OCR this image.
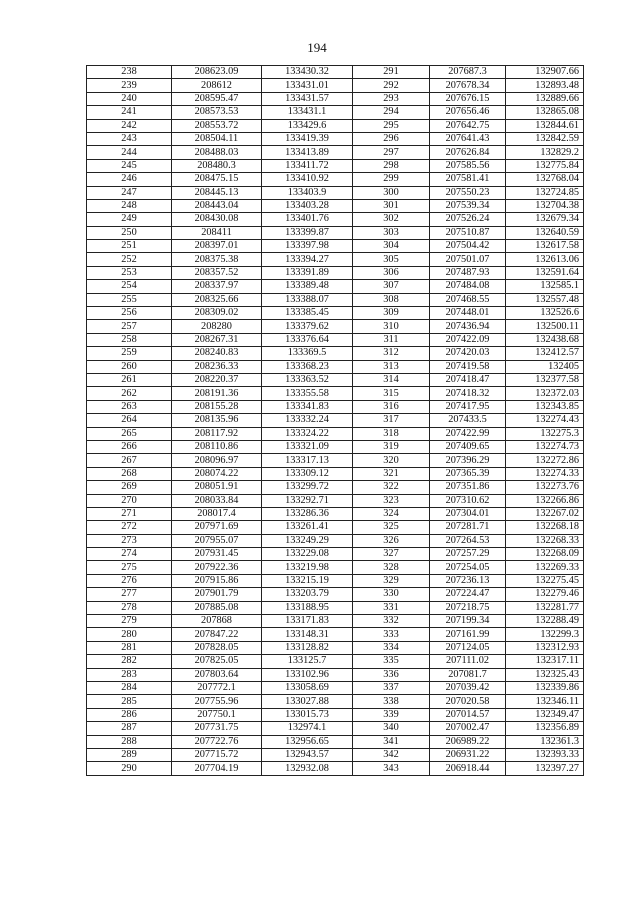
194
238	208623.09	133430.32	291	207687.3	132907.66
239	208612	133431.01	292	207678.34	132893.48
240	208595.47	133431.57	293	207676.15	132889.66
241	208573.53	133431.1	294	207656.46	132865.08
242	208553.72	133429.6	295	207642.75	132844.61
243	208504.11	133419.39	296	207641.43	132842.59
244	208488.03	133413.89	297	207626.84	132829.2
245	208480.3	133411.72	298	207585.56	132775.84
246	208475.15	133410.92	299	207581.41	132768.04
247	208445.13	133403.9	300	207550.23	132724.85
248	208443.04	133403.28	301	207539.34	132704.38
249	208430.08	133401.76	302	207526.24	132679.34
250	208411	133399.87	303	207510.87	132640.59
251	208397.01	133397.98	304	207504.42	132617.58
252	208375.38	133394.27	305	207501.07	132613.06
253	208357.52	133391.89	306	207487.93	132591.64
254	208337.97	133389.48	307	207484.08	132585.1
255	208325.66	133388.07	308	207468.55	132557.48
256	208309.02	133385.45	309	207448.01	132526.6
257	208280	133379.62	310	207436.94	132500.11
258	208267.31	133376.64	311	207422.09	132438.68
259	208240.83	133369.5	312	207420.03	132412.57
260	208236.33	133368.23	313	207419.58	132405
261	208220.37	133363.52	314	207418.47	132377.58
262	208191.36	133355.58	315	207418.32	132372.03
263	208155.28	133341.83	316	207417.95	132343.85
264	208135.96	133332.24	317	207433.5	132274.43
265	208117.92	133324.22	318	207422.99	132275.3
266	208110.86	133321.09	319	207409.65	132274.73
267	208096.97	133317.13	320	207396.29	132272.86
268	208074.22	133309.12	321	207365.39	132274.33
269	208051.91	133299.72	322	207351.86	132273.76
270	208033.84	133292.71	323	207310.62	132266.86
271	208017.4	133286.36	324	207304.01	132267.02
272	207971.69	133261.41	325	207281.71	132268.18
273	207955.07	133249.29	326	207264.53	132268.33
274	207931.45	133229.08	327	207257.29	132268.09
275	207922.36	133219.98	328	207254.05	132269.33
276	207915.86	133215.19	329	207236.13	132275.45
277	207901.79	133203.79	330	207224.47	132279.46
278	207885.08	133188.95	331	207218.75	132281.77
279	207868	133171.83	332	207199.34	132288.49
280	207847.22	133148.31	333	207161.99	132299.3
281	207828.05	133128.82	334	207124.05	132312.93
282	207825.05	133125.7	335	207111.02	132317.11
283	207803.64	133102.96	336	207081.7	132325.43
284	207772.1	133058.69	337	207039.42	132339.86
285	207755.96	133027.88	338	207020.58	132346.11
286	207750.1	133015.73	339	207014.57	132349.47
287	207731.75	132974.1	340	207002.47	132356.89
288	207722.76	132956.65	341	206989.22	132361.3
289	207715.72	132943.57	342	206931.22	132393.33
290	207704.19	132932.08	343	206918.44	132397.27
